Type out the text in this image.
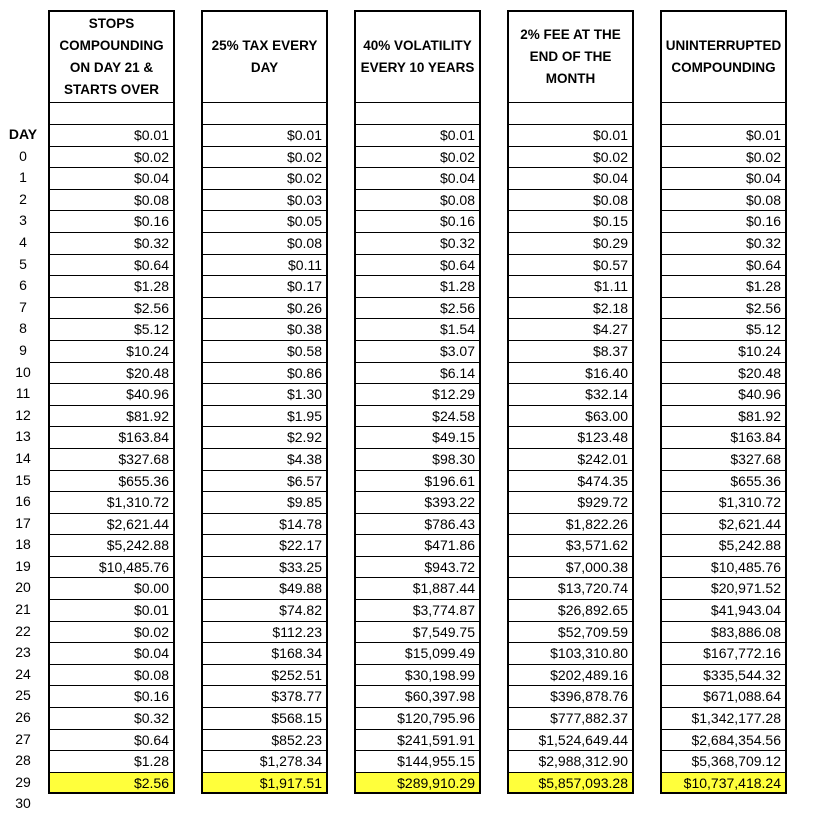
DAY
0
1
2
3
4
5
6
7
8
9
10
11
12
13
14
15
16
17
18
19
20
21
22
23
24
25
26
27
28
29
30
STOPS
COMPOUNDING
ON DAY 21 &
STARTS OVER
$0.01
$0.02
$0.04
$0.08
$0.16
$0.32
$0.64
$1.28
$2.56
$5.12
$10.24
$20.48
$40.96
$81.92
$163.84
$327.68
$655.36
$1,310.72
$2,621.44
$5,242.88
$10,485.76
$0.00
$0.01
$0.02
$0.04
$0.08
$0.16
$0.32
$0.64
$1.28
$2.56
25% TAX EVERY
DAY
$0.01
$0.02
$0.02
$0.03
$0.05
$0.08
$0.11
$0.17
$0.26
$0.38
$0.58
$0.86
$1.30
$1.95
$2.92
$4.38
$6.57
$9.85
$14.78
$22.17
$33.25
$49.88
$74.82
$112.23
$168.34
$252.51
$378.77
$568.15
$852.23
$1,278.34
$1,917.51
40% VOLATILITY
EVERY 10 YEARS
$0.01
$0.02
$0.04
$0.08
$0.16
$0.32
$0.64
$1.28
$2.56
$1.54
$3.07
$6.14
$12.29
$24.58
$49.15
$98.30
$196.61
$393.22
$786.43
$471.86
$943.72
$1,887.44
$3,774.87
$7,549.75
$15,099.49
$30,198.99
$60,397.98
$120,795.96
$241,591.91
$144,955.15
$289,910.29
2% FEE AT THE
END OF THE
MONTH
$0.01
$0.02
$0.04
$0.08
$0.15
$0.29
$0.57
$1.11
$2.18
$4.27
$8.37
$16.40
$32.14
$63.00
$123.48
$242.01
$474.35
$929.72
$1,822.26
$3,571.62
$7,000.38
$13,720.74
$26,892.65
$52,709.59
$103,310.80
$202,489.16
$396,878.76
$777,882.37
$1,524,649.44
$2,988,312.90
$5,857,093.28
UNINTERRUPTED
COMPOUNDING
$0.01
$0.02
$0.04
$0.08
$0.16
$0.32
$0.64
$1.28
$2.56
$5.12
$10.24
$20.48
$40.96
$81.92
$163.84
$327.68
$655.36
$1,310.72
$2,621.44
$5,242.88
$10,485.76
$20,971.52
$41,943.04
$83,886.08
$167,772.16
$335,544.32
$671,088.64
$1,342,177.28
$2,684,354.56
$5,368,709.12
$10,737,418.24
